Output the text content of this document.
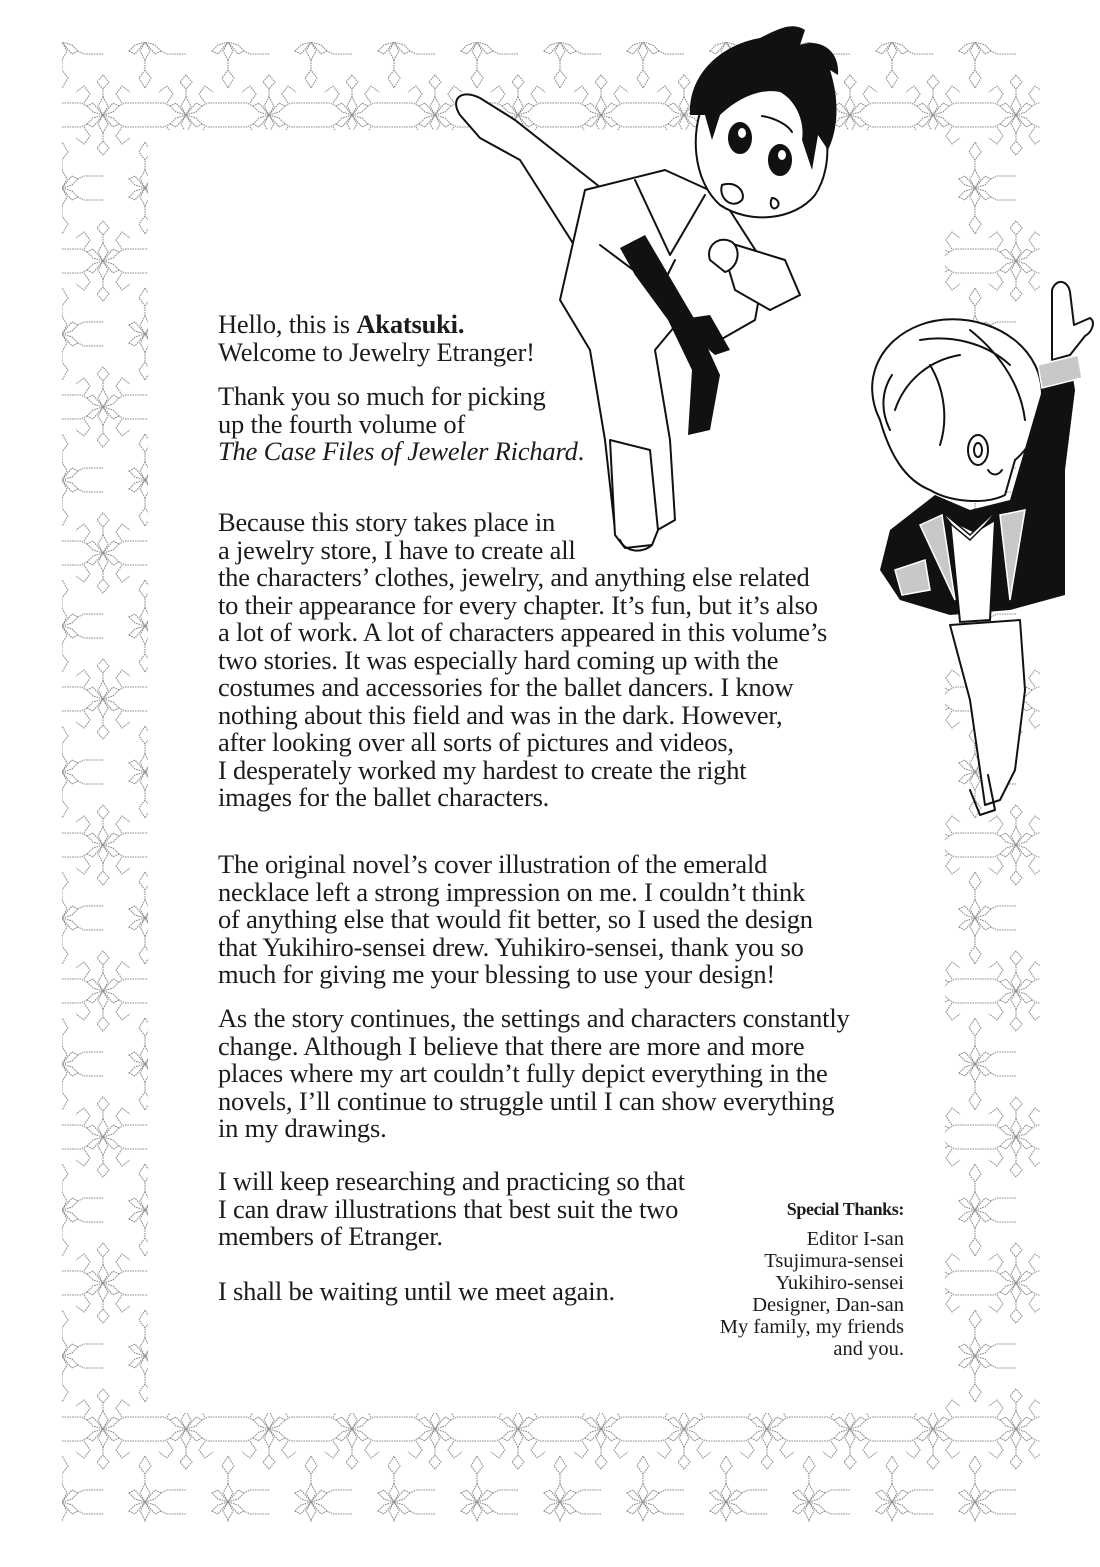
Hello, this is Akatsuki.
Welcome to Jewelry Etranger!
Thank you so much for picking
up the fourth volume of
The Case Files of Jeweler Richard.
Because this story takes place in
a jewelry store, I have to create all
the characters’ clothes, jewelry, and anything else related
to their appearance for every chapter. It’s fun, but it’s also
a lot of work. A lot of characters appeared in this volume’s
two stories. It was especially hard coming up with the
costumes and accessories for the ballet dancers. I know
nothing about this field and was in the dark. However,
after looking over all sorts of pictures and videos,
I desperately worked my hardest to create the right
images for the ballet characters.
The original novel’s cover illustration of the emerald
necklace left a strong impression on me. I couldn’t think
of anything else that would fit better, so I used the design
that Yukihiro-sensei drew. Yuhikiro-sensei, thank you so
much for giving me your blessing to use your design!
As the story continues, the settings and characters constantly
change. Although I believe that there are more and more
places where my art couldn’t fully depict everything in the
novels, I’ll continue to struggle until I can show everything
in my drawings.
I will keep researching and practicing so that
I can draw illustrations that best suit the two
members of Etranger.
I shall be waiting until we meet again.
Special Thanks:
Editor I-san
Tsujimura-sensei
Yukihiro-sensei
Designer, Dan-san
My family, my friends
and you.
